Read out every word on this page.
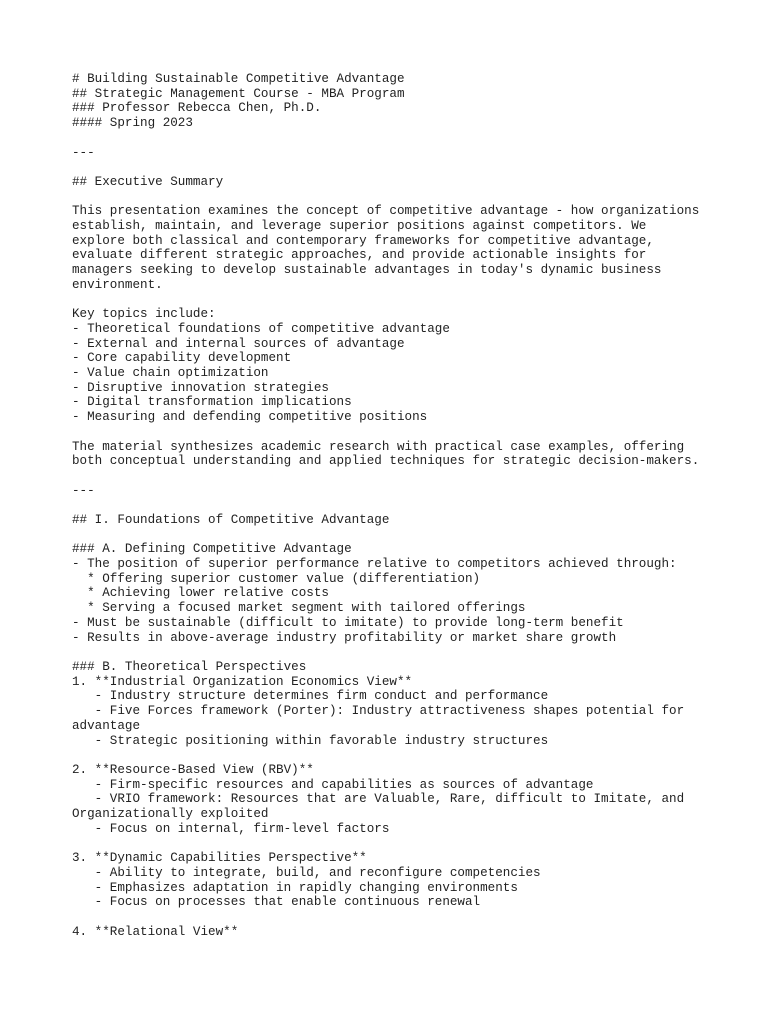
# Building Sustainable Competitive Advantage
## Strategic Management Course - MBA Program
### Professor Rebecca Chen, Ph.D.
#### Spring 2023
---
## Executive Summary
This presentation examines the concept of competitive advantage - how organizations
establish, maintain, and leverage superior positions against competitors. We
explore both classical and contemporary frameworks for competitive advantage,
evaluate different strategic approaches, and provide actionable insights for
managers seeking to develop sustainable advantages in today's dynamic business
environment.
Key topics include:
- Theoretical foundations of competitive advantage
- External and internal sources of advantage
- Core capability development
- Value chain optimization
- Disruptive innovation strategies
- Digital transformation implications
- Measuring and defending competitive positions
The material synthesizes academic research with practical case examples, offering
both conceptual understanding and applied techniques for strategic decision-makers.
---
## I. Foundations of Competitive Advantage
### A. Defining Competitive Advantage
- The position of superior performance relative to competitors achieved through:
* Offering superior customer value (differentiation)
* Achieving lower relative costs
* Serving a focused market segment with tailored offerings
- Must be sustainable (difficult to imitate) to provide long-term benefit
- Results in above-average industry profitability or market share growth
### B. Theoretical Perspectives
1. **Industrial Organization Economics View**
- Industry structure determines firm conduct and performance
- Five Forces framework (Porter): Industry attractiveness shapes potential for
advantage
- Strategic positioning within favorable industry structures
2. **Resource-Based View (RBV)**
- Firm-specific resources and capabilities as sources of advantage
- VRIO framework: Resources that are Valuable, Rare, difficult to Imitate, and
Organizationally exploited
- Focus on internal, firm-level factors
3. **Dynamic Capabilities Perspective**
- Ability to integrate, build, and reconfigure competencies
- Emphasizes adaptation in rapidly changing environments
- Focus on processes that enable continuous renewal
4. **Relational View**
